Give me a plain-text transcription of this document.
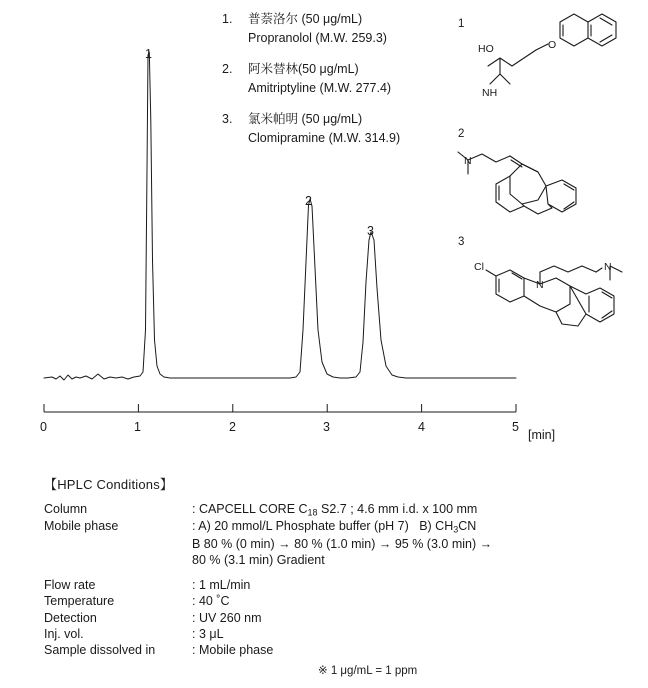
1.	普萘洛尔 (50 μg/mL)
Propranolol (M.W. 259.3)
2.	阿米替林(50 μg/mL)
Amitriptyline (M.W. 277.4)
3.	氯米帕明 (50 μg/mL)
Clomipramine (M.W. 314.9)
HO
NH
O
N
Cl
N
N
1
2
3
1
2
3
0	1	2	3	4	5
[min]
【HPLC Conditions】
Column	: CAPCELL CORE $C_{18}$ S2.7 ; 4.6 mm i.d. x 100 mm
Mobile phase	: A) 20 mmol/L Phosphate buffer (pH 7)   B) $CH_3CN$
B 80 % (0 min) → 80 % (1.0 min) → 95 % (3.0 min) →
80 % (3.1 min) Gradient
Flow rate	: 1 mL/min
Temperature	: 40 ˚C
Detection	: UV 260 nm
Inj. vol.	: 3 μL
Sample dissolved in	: Mobile phase
※ 1 μg/mL = 1 ppm
